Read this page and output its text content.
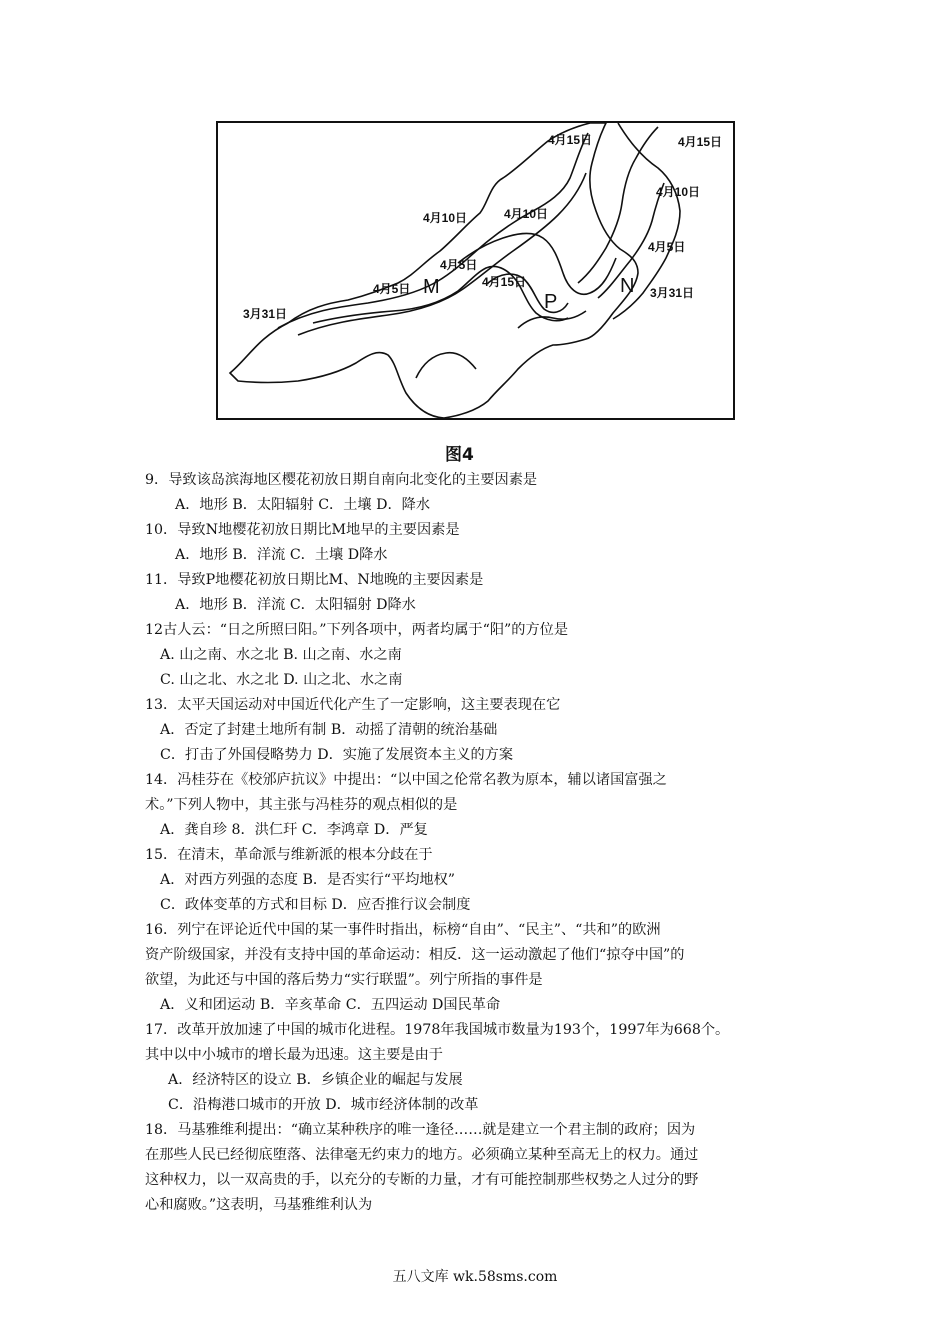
4月15日	4月15日
4月10日
4月10日	4月10日
4月5日
4月5日
4月5日	4月15日
3月31日
3月31日
M	N
P
图4
9．导致该岛滨海地区樱花初放日期自南向北变化的主要因素是
A．地形 B．太阳辐射 C．土壤 D．降水
10．导致N地樱花初放日期比M地早的主要因素是
A．地形 B．洋流 C．土壤 D降水
11．导致P地樱花初放日期比M、N地晚的主要因素是
A．地形 B．洋流 C．太阳辐射 D降水
12古人云：“日之所照曰阳。”下列各项中，两者均属于“阳”的方位是
A. 山之南、水之北 B. 山之南、水之南
C. 山之北、水之北 D. 山之北、水之南
13．太平天国运动对中国近代化产生了一定影响，这主要表现在它
A．否定了封建土地所有制 B．动摇了清朝的统治基础
C．打击了外国侵略势力 D．实施了发展资本主义的方案
14．冯桂芬在《校邠庐抗议》中提出：“以中国之伦常名教为原本，辅以诸国富强之
术。”下列人物中，其主张与冯桂芬的观点相似的是
A．龚自珍 8．洪仁玕 C．李鸿章 D．严复
15．在清末，革命派与维新派的根本分歧在于
A．对西方列强的态度 B．是否实行“平均地权”
C．政体变革的方式和目标 D．应否推行议会制度
16．列宁在评论近代中国的某一事件时指出，标榜“自由”、“民主”、“共和”的欧洲
资产阶级国家，并没有支持中国的革命运动：相反．这一运动激起了他们“掠夺中国”的
欲望，为此还与中国的落后势力“实行联盟”。列宁所指的事件是
A．义和团运动 B．辛亥革命 C．五四运动 D国民革命
17．改革开放加速了中国的城市化进程。1978年我国城市数量为193个，1997年为668个。
其中以中小城市的增长最为迅速。这主要是由于
A．经济特区的设立 B．乡镇企业的崛起与发展
C．沿梅港口城市的开放 D．城市经济体制的改革
18．马基雅维利提出：“确立某种秩序的唯一逢径……就是建立一个君主制的政府；因为
在那些人民已经彻底堕落、法律毫无约束力的地方。必须确立某种至高无上的权力。通过
这种权力，以一双高贵的手，以充分的专断的力量，才有可能控制那些权势之人过分的野
心和腐败。”这表明，马基雅维利认为
五八文库 wk.58sms.com
